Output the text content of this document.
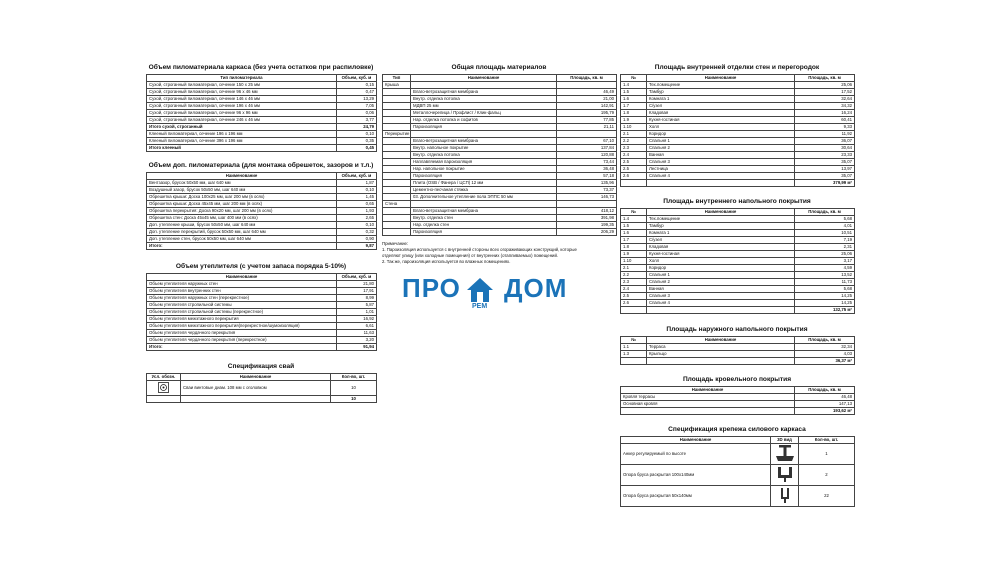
Объем пиломатериала каркаса (без учета остатков при распиловке)
Тип пиломатериала	Объем, куб. м
Сухой, строганный пиломатериал, сечение 150 x 25 мм	0,15
Сухой, строганный пиломатериал, сечение 96 x 46 мм	0,47
Сухой, строганный пиломатериал, сечение 146 x 46 мм	13,29
Сухой, строганный пиломатериал, сечение 196 x 46 мм	7,05
Сухой, строганный пиломатериал, сечение 96 x 96 мм	0,06
Сухой, строганный пиломатериал, сечение 246 x 46 мм	3,77
Итого сухой, строганный	24,79
Клееный пиломатериал, сечение 196 x 196 мм	0,10
Клееный пиломатериал, сечение 396 x 196 мм	0,35
Итого клееный	0,45
Объем доп. пиломатериала (для монтажа обрешеток, зазоров и т.л.)
Наименование	Объем, куб. м
Вентзазор, брусок 50x50 мм, шаг 640 мм	1,87
Воздушный зазор, брусок 50x50 мм, шаг 640 мм	0,10
Обрешетка крыши: Доска 100x25 мм, шаг 200 мм (в осях)	1,45
Обрешетка крыши: Доска 45x45 мм, шаг 200 мм (в осях)	0,65
Обрешетка перекрытия: Доска 90x20 мм, шаг 200 мм (в осях)	1,93
Обрешетка стен: Доска 45x45 мм, шаг 400 мм (в осях)	2,65
Доп. утепление крыши, брусок 50x50 мм, шаг 640 мм	0,10
Доп. утепление перекрытий, брусок 50x50 мм, шаг 640 мм	0,32
Доп. утепление стен, брусок 50x50 мм, шаг 640 мм	0,90
Итого:	9,87
Объем утеплителя (с учетом запаса порядка 5-10%)
Наименование	Объем, куб. м
Объем утеплителя наружных стен	21,80
Объем утеплителя внутренних стен	17,91
Объем утеплителя наружных стен (перекрестное)	8,99
Объем утеплителя стропильной системы	5,87
Объем утеплителя стропильной системы (перекрестное)	1,01
Объем утеплителя межэтажного перекрытия	16,92
Объем утеплителя межэтажного перекрытия(перекрестное/шумоизоляция)	6,61
Объем утеплителя чердачного перекрытия	11,63
Объем утеплителя чердачного перекрытия (перекрестное)	3,20
Итого:	91,94
Спецификация свай
Усл. обозн.	Наименование	Кол-во, шт.
	Сваи винтовые диам. 108 мм с оголовком	10
		10
Общая площадь материалов
Тип	Наименование	Площадь, кв. м
Крыша		
	Влаго-ветрозащитная мембрана	46,49
	Внутр. отделка потолка	21,00
	МДВП 25 мм	142,91
	Металлочерепица / Профлист / Клик-фальц	195,79
	Нар. отделка потолка и софитов	77,85
	Пароизоляция	21,11
Перекрытие		
	Влаго-ветрозащитная мембрана	67,10
	Внутр. напольное покрытие	137,84
	Внутр. отделка потолка	120,88
	Наплавляемая пароизоляция	73,44
	Нар. напольное покрытие	36,48
	Пароизоляция	57,18
	Плита (OSB / Фанера / ЦСП) 12 мм	135,96
	Цементно-песчаная стяжка	73,37
	03. Дополнительное утепление пола ЭППС 50 мм	146,73
Стена		
	Влаго-ветрозащитная мембрана	418,12
	Внутр. отделка стен	391,98
	Нар. отделка стен	199,35
	Пароизоляция	206,29
Примечание:
1. Пароизоляция используется с внутренней стороны всех огораживающих конструкций, которые
отделяют улицу (или холодные помещения) от внутренних (отапливаемых) помещений.
2. Так же, пароизоляция используется во влажных помещениях.
ПРО ДОМ
РЕМ
Площадь внутренней отделки стен и перегородок
№	Наименование	Площадь, кв. м
1.4	Тех.помещение	25,06
1.5	Тамбур	17,52
1.6	Комната 1	32,64
1.7	С/узел	34,32
1.8	Кладовая	16,24
1.9	Кухня-гостиная	60,41
1.10	Холл	9,33
2.1	Коридор	11,92
2.2	Спальня 1	36,07
2.3	Спальня 2	30,64
2.4	Ванная	23,33
2.5	Спальня 3	35,07
2.5	Лестница	13,97
2.6	Спальня 4	35,07
		379,99 м²
Площадь внутреннего напольного покрытия
№	Наименование	Площадь, кв. м
1.4	Тех.помещение	5,68
1.5	Тамбур	4,01
1.6	Комната 1	10,51
1.7	С/узел	7,19
1.8	Кладовая	2,31
1.9	Кухня-гостиная	25,06
1.10	Холл	3,17
2.1	Коридор	4,59
2.2	Спальня 1	13,52
2.3	Спальня 2	11,73
2.4	Ванная	5,68
2.5	Спальня 3	14,25
2.6	Спальня 4	14,25
		132,75 м²
Площадь наружного напольного покрытия
№	Наименование	Площадь, кв. м
1.1	Терраса	32,34
1.3	Крыльцо	4,03
		36,37 м²
Площадь кровельного покрытия
Наименование	Площадь, кв. м
Кровля террасы	46,48
Основная кровля	147,13
	193,62 м²
Спецификация крепежа силового каркаса
Наименование	3D вид	Кол-во, шт.
Анкер регулируемый по высоте		1
Опора бруса раскрытая 100x140мм		2
Опора бруса раскрытая 50x140мм		22
